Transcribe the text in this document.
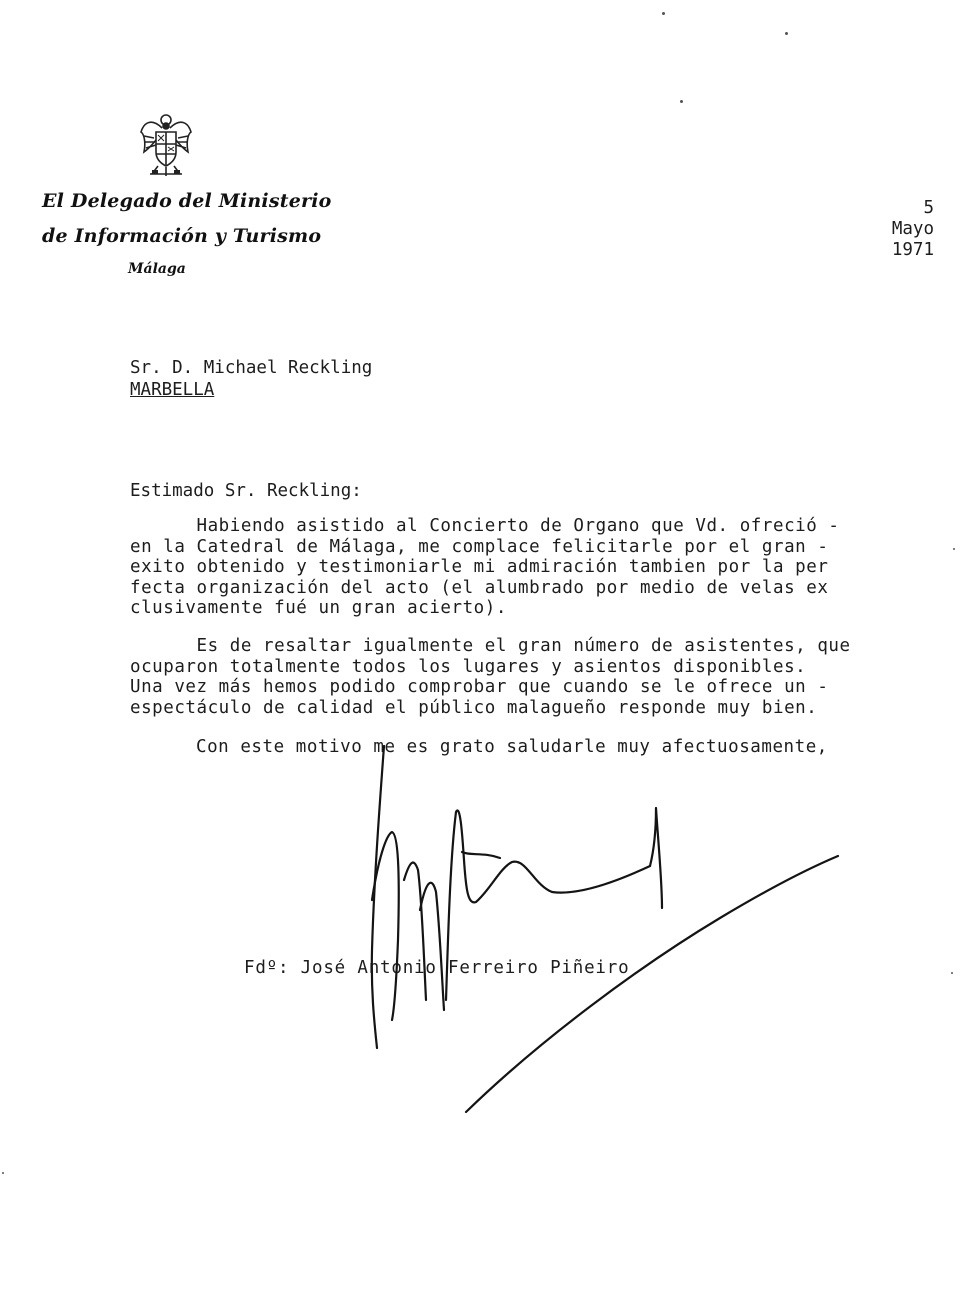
El Delegado del Ministerio
de Información y Turismo
Málaga
5
Mayo
1971
Sr. D. Michael Reckling
MARBELLA
Estimado Sr. Reckling:
Habiendo asistido al Concierto de Organo que Vd. ofreció -
en la Catedral de Málaga, me complace felicitarle por el gran -
exito obtenido y testimoniarle mi admiración tambien por la per
fecta organización del acto (el alumbrado por medio de velas ex
clusivamente fué un gran acierto).
Es de resaltar igualmente el gran número de asistentes, que
ocuparon totalmente todos los lugares y asientos disponibles.
Una vez más hemos podido comprobar que cuando se le ofrece un -
espectáculo de calidad el público malagueño responde muy bien.
Con este motivo me es grato saludarle muy afectuosamente,
Fdº: José Antonio Ferreiro Piñeiro
